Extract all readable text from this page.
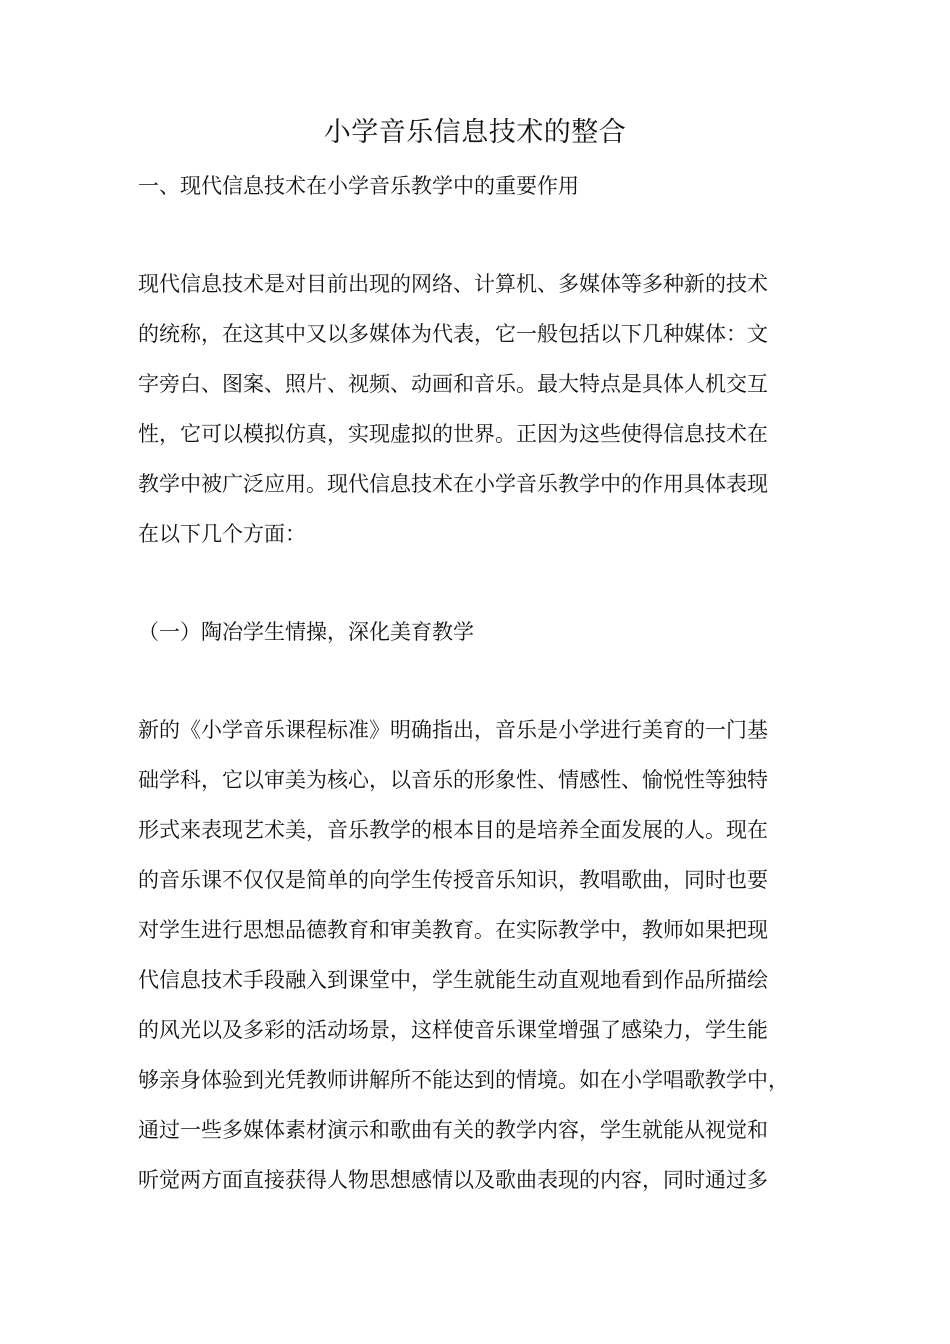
小学音乐信息技术的整合
一、现代信息技术在小学音乐教学中的重要作用
现代信息技术是对目前出现的网络、计算机、多媒体等多种新的技术
的统称，在这其中又以多媒体为代表，它一般包括以下几种媒体：文
字旁白、图案、照片、视频、动画和音乐。最大特点是具体人机交互
性，它可以模拟仿真，实现虚拟的世界。正因为这些使得信息技术在
教学中被广泛应用。现代信息技术在小学音乐教学中的作用具体表现
在以下几个方面：
（一）陶冶学生情操，深化美育教学
新的《小学音乐课程标准》明确指出，音乐是小学进行美育的一门基
础学科，它以审美为核心，以音乐的形象性、情感性、愉悦性等独特
形式来表现艺术美，音乐教学的根本目的是培养全面发展的人。现在
的音乐课不仅仅是简单的向学生传授音乐知识，教唱歌曲，同时也要
对学生进行思想品德教育和审美教育。在实际教学中，教师如果把现
代信息技术手段融入到课堂中，学生就能生动直观地看到作品所描绘
的风光以及多彩的活动场景，这样使音乐课堂增强了感染力，学生能
够亲身体验到光凭教师讲解所不能达到的情境。如在小学唱歌教学中，
通过一些多媒体素材演示和歌曲有关的教学内容，学生就能从视觉和
听觉两方面直接获得人物思想感情以及歌曲表现的内容，同时通过多
